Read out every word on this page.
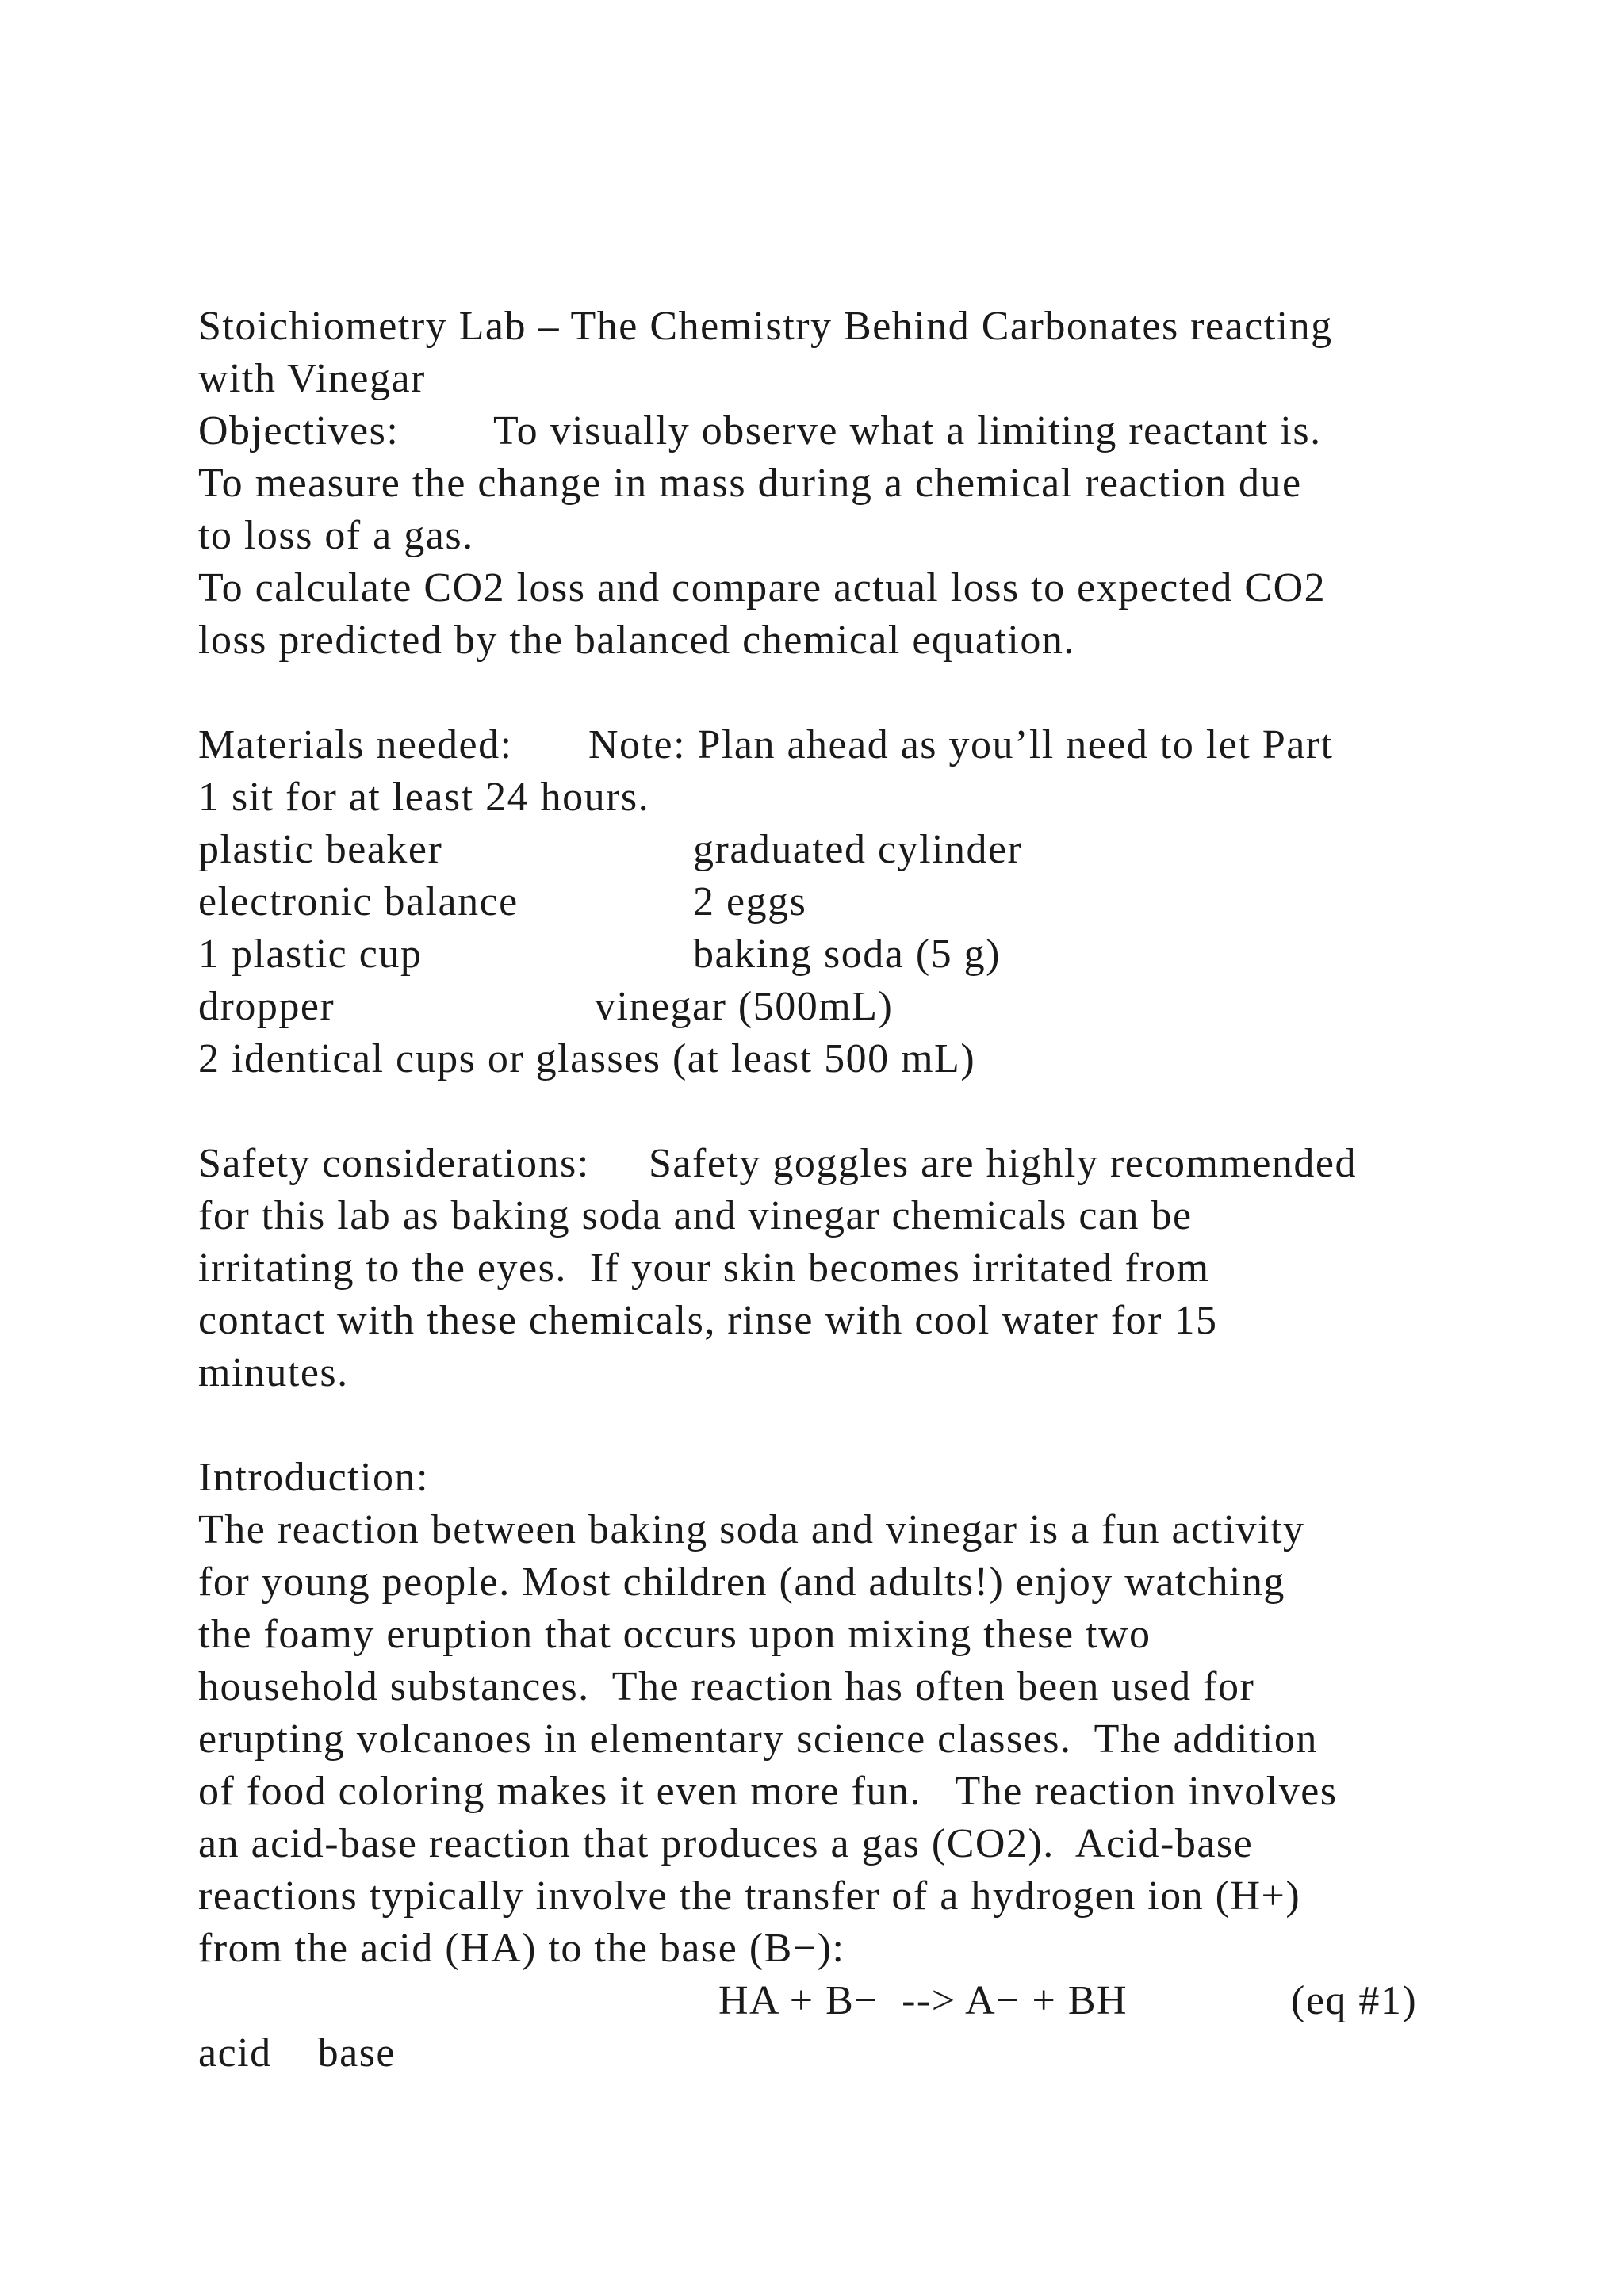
Stoichiometry Lab – The Chemistry Behind Carbonates reacting
with Vinegar
Objectives: To visually observe what a limiting reactant is.
To measure the change in mass during a chemical reaction due
to loss of a gas.
To calculate CO2 loss and compare actual loss to expected CO2
loss predicted by the balanced chemical equation.
Materials needed: Note: Plan ahead as you’ll need to let Part
1 sit for at least 24 hours.
plastic beaker	graduated cylinder
electronic balance	2 eggs
1 plastic cup	baking soda (5 g)
dropper	vinegar (500mL)
2 identical cups or glasses (at least 500 mL)
Safety considerations: Safety goggles are highly recommended
for this lab as baking soda and vinegar chemicals can be
irritating to the eyes.  If your skin becomes irritated from
contact with these chemicals, rinse with cool water for 15
minutes.
Introduction:
The reaction between baking soda and vinegar is a fun activity
for young people. Most children (and adults!) enjoy watching
the foamy eruption that occurs upon mixing these two
household substances.  The reaction has often been used for
erupting volcanoes in elementary science classes.  The addition
of food coloring makes it even more fun.   The reaction involves
an acid-base reaction that produces a gas (CO2).  Acid-base
reactions typically involve the transfer of a hydrogen ion (H+)
from the acid (HA) to the base (B−):
HA + B−  --> A− + BH	(eq #1)
acid    base
